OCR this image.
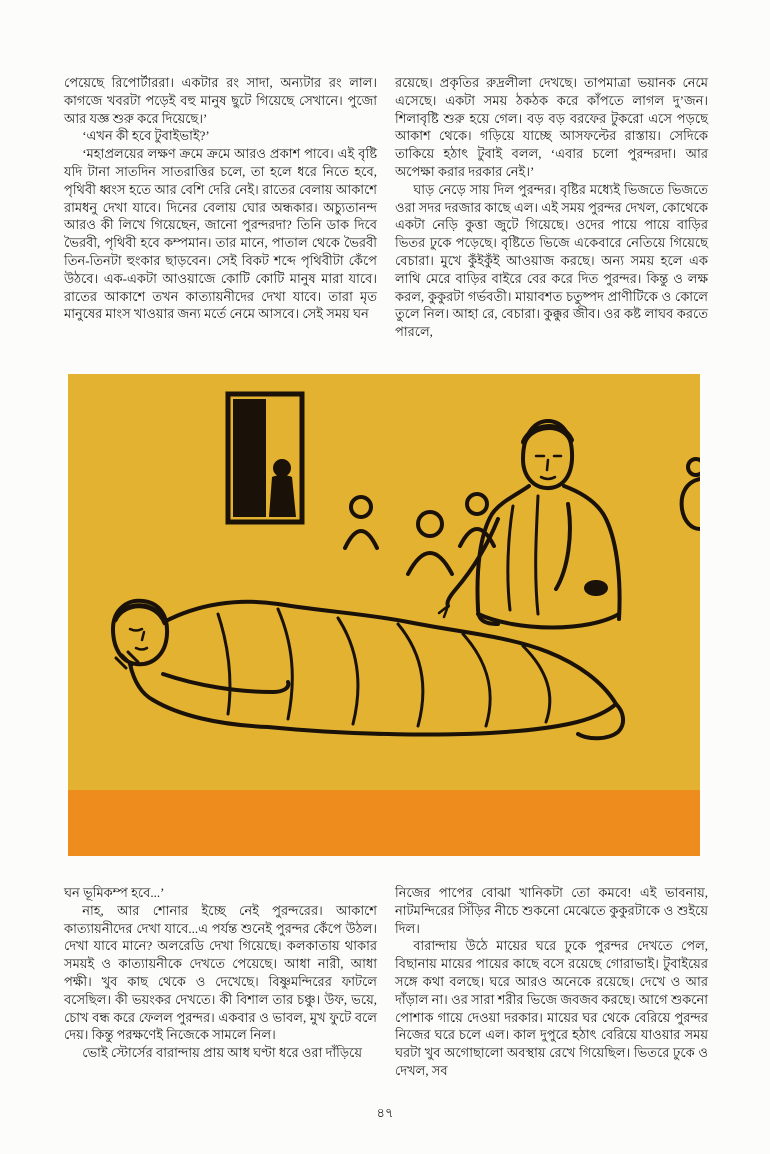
পেয়েছে রিপোর্টাররা। একটার রং সাদা, অন্যটার রং লাল। কাগজে খবরটা পড়েই বহু মানুষ ছুটে গিয়েছে সেখানে। পুজো আর যজ্ঞ শুরু করে দিয়েছে।’

‘এখন কী হবে টুবাইভাই?’

‘মহাপ্রলয়ের লক্ষণ ক্রমে ক্রমে আরও প্রকাশ পাবে। এই বৃষ্টি যদি টানা সাতদিন সাতরাত্তির চলে, তা হলে ধরে নিতে হবে, পৃথিবী ধ্বংস হতে আর বেশি দেরি নেই। রাতের বেলায় আকাশে রামধনু দেখা যাবে। দিনের বেলায় ঘোর অন্ধকার। অচ্যুতানন্দ আরও কী লিখে গিয়েছেন, জানো পুরন্দরদা? তিনি ডাক দিবে ভৈরবী, পৃথিবী হবে কম্পমান। তার মানে, পাতাল থেকে ভৈরবী তিন-তিনটা হুংকার ছাড়বেন। সেই বিকট শব্দে পৃথিবীটা কেঁপে উঠবে। এক-একটা আওয়াজে কোটি কোটি মানুষ মারা যাবে। রাতের আকাশে তখন কাত্যায়নীদের দেখা যাবে। তারা মৃত মানুষের মাংস খাওয়ার জন্য মর্তে নেমে আসবে। সেই সময় ঘন

রয়েছে। প্রকৃতির রুদ্রলীলা দেখছে। তাপমাত্রা ভয়ানক নেমে এসেছে। একটা সময় ঠকঠক করে কাঁপতে লাগল দু’জন। শিলাবৃষ্টি শুরু হয়ে গেল। বড় বড় বরফের টুকরো এসে পড়ছে আকাশ থেকে। গড়িয়ে যাচ্ছে আসফল্টের রাস্তায়। সেদিকে তাকিয়ে হঠাৎ টুবাই বলল, ‘এবার চলো পুরন্দরদা। আর অপেক্ষা করার দরকার নেই।’

ঘাড় নেড়ে সায় দিল পুরন্দর। বৃষ্টির মধ্যেই ভিজতে ভিজতে ওরা সদর দরজার কাছে এল। এই সময় পুরন্দর দেখল, কোথেকে একটা নেড়ি কুত্তা জুটে গিয়েছে। ওদের পায়ে পায়ে বাড়ির ভিতর ঢুকে পড়েছে। বৃষ্টিতে ভিজে একেবারে নেতিয়ে গিয়েছে বেচারা। মুখে কুঁইকুঁই আওয়াজ করছে। অন্য সময় হলে এক লাথি মেরে বাড়ির বাইরে বের করে দিত পুরন্দর। কিন্তু ও লক্ষ করল, কুকুরটা গর্ভবতী। মায়াবশত চতুষ্পদ প্রাণীটিকে ও কোলে তুলে নিল। আহা রে, বেচারা। কুক্কুর জীব। ওর কষ্ট লাঘব করতে পারলে,

ঘন ভূমিকম্প হবে...’

নাহ, আর শোনার ইচ্ছে নেই পুরন্দরের। আকাশে কাত্যায়নীদের দেখা যাবে...এ পর্যন্ত শুনেই পুরন্দর কেঁপে উঠল। দেখা যাবে মানে? অলরেডি দেখা গিয়েছে। কলকাতায় থাকার সময়ই ও কাত্যায়নীকে দেখতে পেয়েছে। আধা নারী, আধা পক্ষী। খুব কাছ থেকে ও দেখেছে। বিষ্ণুমন্দিরের ফাটলে বসেছিল। কী ভয়ংকর দেখতে। কী বিশাল তার চঞ্চু। উফ, ভয়ে, চোখ বন্ধ করে ফেলল পুরন্দর। একবার ও ভাবল, মুখ ফুটে বলে দেয়। কিন্তু পরক্ষণেই নিজেকে সামলে নিল।

ভোই স্টোর্সের বারান্দায় প্রায় আধ ঘণ্টা ধরে ওরা দাঁড়িয়ে

নিজের পাপের বোঝা খানিকটা তো কমবে! এই ভাবনায়, নাটমন্দিরের সিঁড়ির নীচে শুকনো মেঝেতে কুকুরটাকে ও শুইয়ে দিল।

বারান্দায় উঠে মায়ের ঘরে ঢুকে পুরন্দর দেখতে পেল, বিছানায় মায়ের পায়ের কাছে বসে রয়েছে গোরাভাই। টুবাইয়ের সঙ্গে কথা বলছে। ঘরে আরও অনেকে রয়েছে। দেখে ও আর দাঁড়াল না। ওর সারা শরীর ভিজে জবজব করছে। আগে শুকনো পোশাক গায়ে দেওয়া দরকার। মায়ের ঘর থেকে বেরিয়ে পুরন্দর নিজের ঘরে চলে এল। কাল দুপুরে হঠাৎ বেরিয়ে যাওয়ার সময় ঘরটা খুব অগোছালো অবস্থায় রেখে গিয়েছিল। ভিতরে ঢুকে ও দেখল, সব

৪৭
